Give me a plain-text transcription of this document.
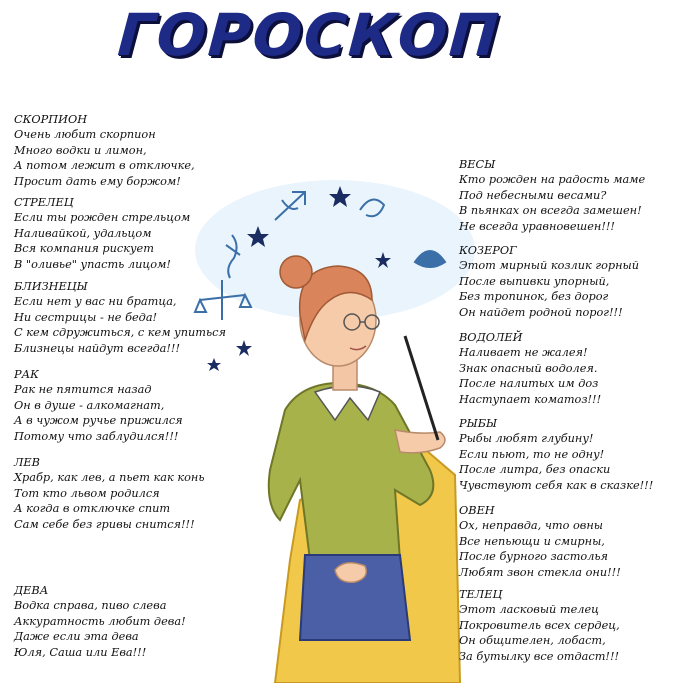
ГОРОСКОП
СКОРПИОН
Очень любит скорпион
Много водки и лимон,
А потом лежит в отключке,
Просит дать ему боржом!
СТРЕЛЕЦ
Если ты рожден стрельцом
Наливайкой, удальцом
Вся компания рискует
В "оливье" упасть лицом!
БЛИЗНЕЦЫ
Если нет у вас ни братца,
Ни сестрицы - не беда!
С кем сдружиться, с кем упиться
Близнецы найдут всегда!!!
РАК
Рак не пятится назад
Он в душе - алкомагнат,
А в чужом ручье прижился
Потому что заблудился!!!
ЛЕВ
Храбр, как лев, а пьет как конь
Тот кто львом родился
А когда в отключке спит
Сам себе без гривы снится!!!
ДЕВА
Водка справа, пиво слева
Аккуратность любит дева!
Даже если эта дева
Юля, Саша или Ева!!!
ВЕСЫ
Кто рожден на радость маме
Под небесными весами?
В пьянках он всегда замешен!
Не всегда уравновешен!!!
КОЗЕРОГ
Этот мирный козлик горный
После выпивки упорный,
Без тропинок, без дорог
Он найдет родной порог!!!
ВОДОЛЕЙ
Наливает не жалея!
Знак опасный водолея.
После налитых им доз
Наступает коматоз!!!
РЫБЫ
Рыбы любят глубину!
Если пьют, то не одну!
После литра, без опаски
Чувствуют себя как в сказке!!!
ОВЕН
Ох, неправда, что овны
Все непьющи и смирны,
После бурного застолья
Любят звон стекла они!!!
ТЕЛЕЦ
Этот ласковый телец
Покровитель всех сердец,
Он общителен, лобаст,
За бутылку все отдаст!!!
